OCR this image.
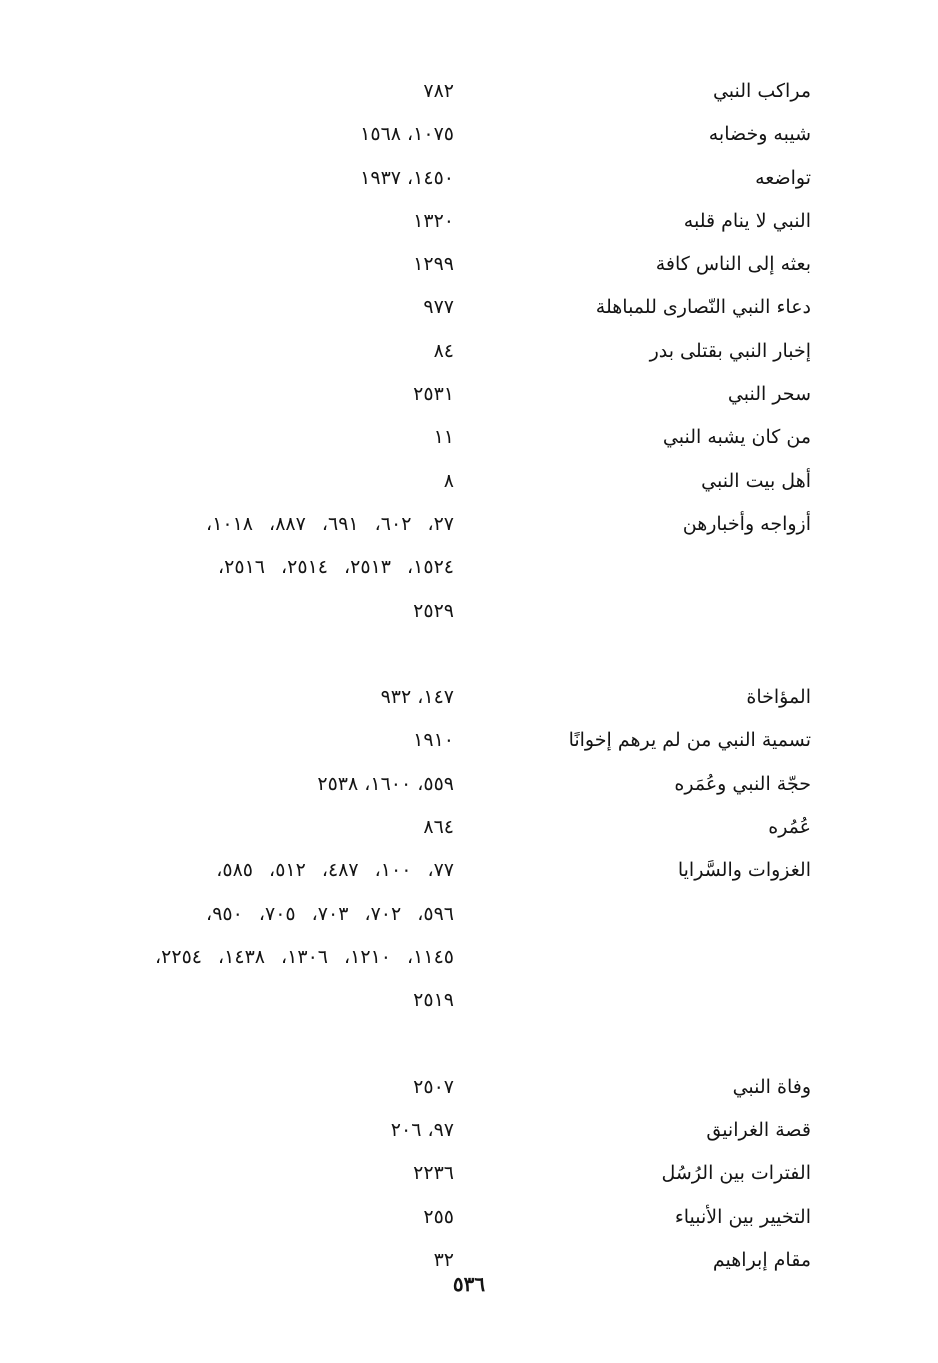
مراكب النبي
٧٨٢
شيبه وخضابه
١٠٧٥، ١٥٦٨
تواضعه
١٤٥٠، ١٩٣٧
النبي لا ينام قلبه
١٣٢٠
بعثه إلى الناس كافة
١٢٩٩
دعاء النبي النّصارى للمباهلة
٩٧٧
إخبار النبي بقتلى بدر
٨٤
سحر النبي
٢٥٣١
من كان يشبه النبي
١١
أهل بيت النبي
٨
أزواجه وأخبارهن
٢٧، ٦٠٢، ٦٩١، ٨٨٧، ١٠١٨،
١٥٢٤، ٢٥١٣، ٢٥١٤، ٢٥١٦،
٢٥٢٩
المؤاخاة
١٤٧، ٩٣٢
تسمية النبي من لم يرهم إخوانًا
١٩١٠
حجّة النبي وعُمَره
٥٥٩، ١٦٠٠، ٢٥٣٨
عُمُره
٨٦٤
الغزوات والسَّرايا
٧٧، ١٠٠، ٤٨٧، ٥١٢، ٥٨٥،
٥٩٦، ٧٠٢، ٧٠٣، ٧٠٥، ٩٥٠،
١١٤٥، ١٢١٠، ١٣٠٦، ١٤٣٨، ٢٢٥٤،
٢٥١٩
وفاة النبي
٢٥٠٧
قصة الغرانيق
٩٧، ٢٠٦
الفترات بين الرُسُل
٢٢٣٦
التخيير بين الأنبياء
٢٥٥
مقام إبراهيم
٣٢
٥٣٦
